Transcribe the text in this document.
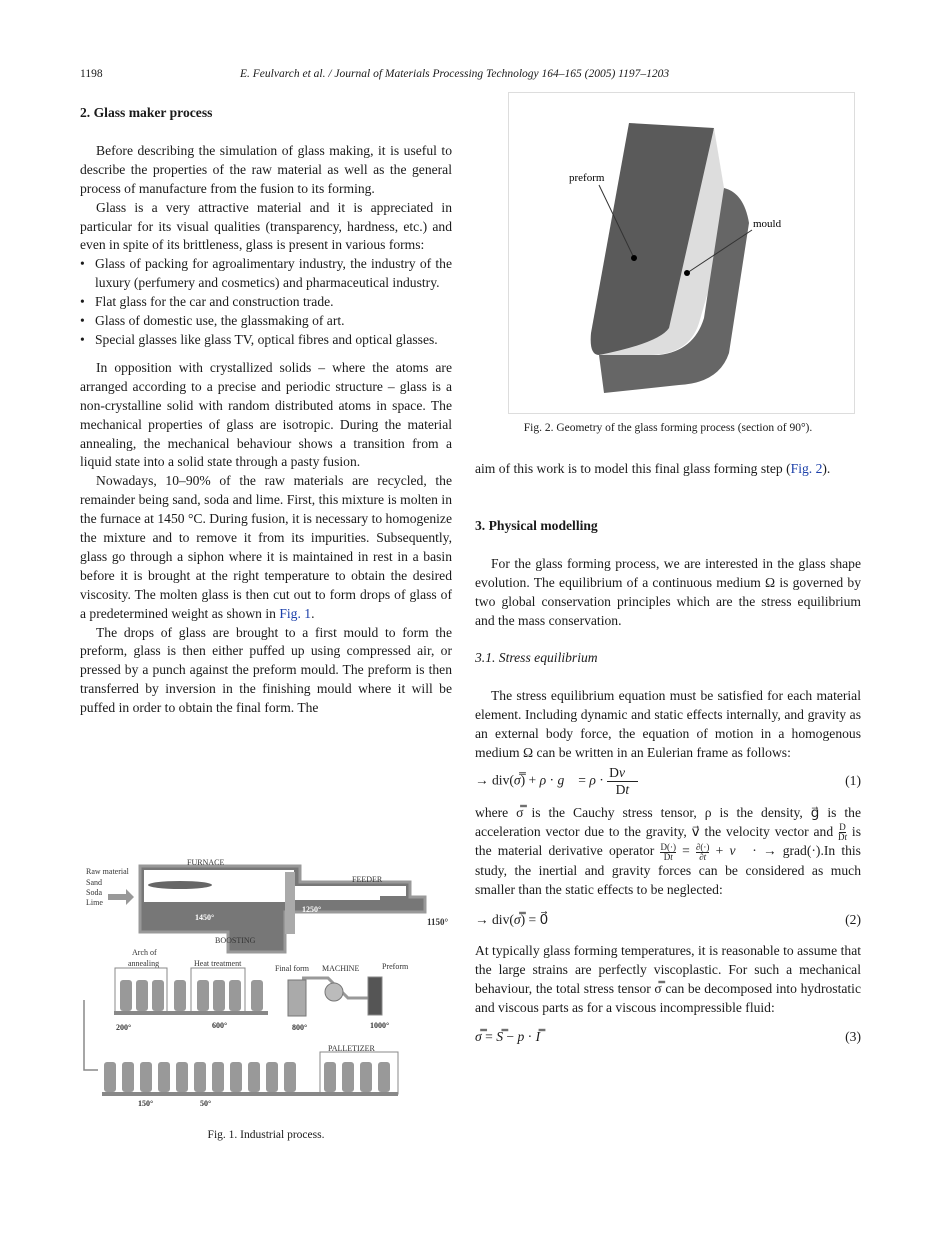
1198	E. Feulvarch et al. / Journal of Materials Processing Technology 164–165 (2005) 1197–1203

2. Glass maker process

Before describing the simulation of glass making, it is useful to describe the properties of the raw material as well as the general process of manufacture from the fusion to its forming.

Glass is a very attractive material and it is appreciated in particular for its visual qualities (transparency, hardness, etc.) and even in spite of its brittleness, glass is present in various forms:

• Glass of packing for agroalimentary industry, the industry of the luxury (perfumery and cosmetics) and pharmaceutical industry.
• Flat glass for the car and construction trade.
• Glass of domestic use, the glassmaking of art.
• Special glasses like glass TV, optical fibres and optical glasses.

In opposition with crystallized solids – where the atoms are arranged according to a precise and periodic structure – glass is a non-crystalline solid with random distributed atoms in space. The mechanical properties of glass are isotropic. During the material annealing, the mechanical behaviour shows a transition from a liquid state into a solid state through a pasty fusion.

Nowadays, 10–90% of the raw materials are recycled, the remainder being sand, soda and lime. First, this mixture is molten in the furnace at 1450 °C. During fusion, it is necessary to homogenize the mixture and to remove it from its impurities. Subsequently, glass go through a siphon where it is maintained in rest in a basin before it is brought at the right temperature to obtain the desired viscosity. The molten glass is then cut out to form drops of glass of a predetermined weight as shown in Fig. 1.

The drops of glass are brought to a first mould to form the preform, glass is then either puffed up using compressed air, or pressed by a punch against the preform mould. The preform is then transferred by inversion in the finishing mould where it will be puffed in order to obtain the final form. The

Raw material
Sand
Soda
Lime
FURNACE
FEEDER
1450°
1250°
1150°
BOOSTING
Arch of
annealing	Heat treatment
Final form MACHINE	Preform
200°	600°	800°	1000°
PALLETIZER
150°	50°
Fig. 1. Industrial process.
preform
mould
Fig. 2. Geometry of the glass forming process (section of 90°).

aim of this work is to model this final glass forming step (Fig. 2).

3. Physical modelling

For the glass forming process, we are interested in the glass shape evolution. The equilibrium of a continuous medium Ω is governed by two global conservation principles which are the stress equilibrium and the mass conservation.

3.1. Stress equilibrium

The stress equilibrium equation must be satisfied for each material element. Including dynamic and static effects internally, and gravity as an external body force, the equation of motion in a homogenous medium Ω can be written in an Eulerian frame as follows:

→ div(σ̿) + ρ · g⃗ = $\rho \cdot \frac{Dv⃗}{Dt}$	(1)

where σ̿ is the Cauchy stress tensor, ρ is the density, g⃗ is the acceleration vector due to the gravity, v⃗ the velocity vector and $\frac{D}{Dt}$ is the material derivative operator $\frac{D(\cdot)}{Dt}$ = ∂(·)
∂t + v⃗ · → grad(·).In this study, the inertial and gravity forces can be considered as much smaller than the static effects to be neglected:

→ div(σ̿) = 0⃗	(2)

At typically glass forming temperatures, it is reasonable to assume that the large strains are perfectly viscoplastic. For such a mechanical behaviour, the total stress tensor σ̿ can be decomposed into hydrostatic and viscous parts as for a viscous incompressible fluid:

σ̿ = S̿ − p · I̿	(3)
